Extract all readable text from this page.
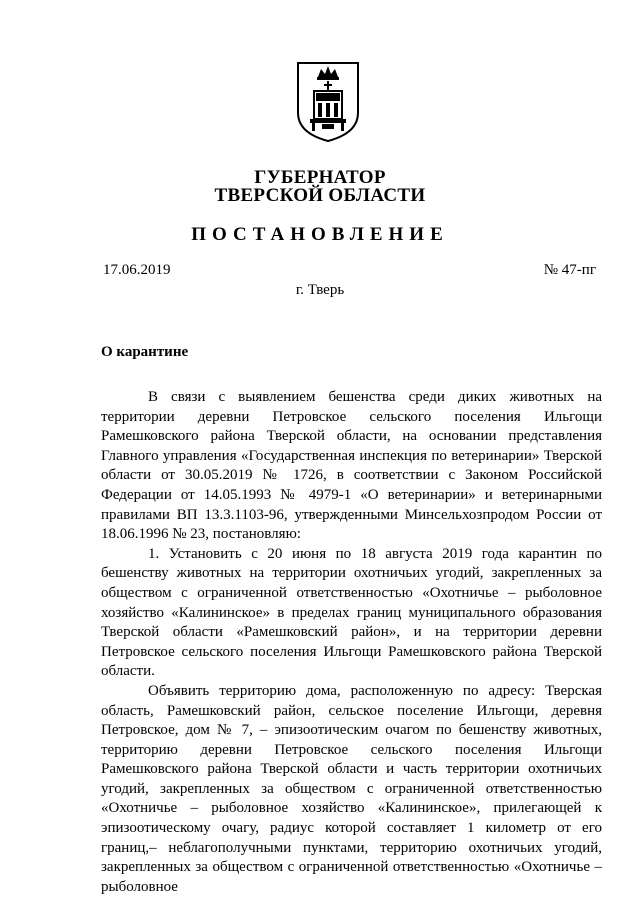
ГУБЕРНАТОР
ТВЕРСКОЙ ОБЛАСТИ
ПОСТАНОВЛЕНИЕ
17.06.2019	№ 47-пг
г. Тверь
О карантине

В связи с выявлением бешенства среди диких животных на территории деревни Петровское сельского поселения Ильгощи Рамешковского района Тверской области, на основании представления Главного управления «Государственная инспекция по ветеринарии» Тверской области от 30.05.2019 № 1726, в соответствии с Законом Российской Федерации от 14.05.1993 № 4979-1 «О ветеринарии» и ветеринарными правилами ВП 13.3.1103-96, утвержденными Минсельхозпродом России от 18.06.1996 № 23, постановляю:

1. Установить с 20 июня по 18 августа 2019 года карантин по бешенству животных на территории охотничьих угодий, закрепленных за обществом с ограниченной ответственностью «Охотничье – рыболовное хозяйство «Калининское» в пределах границ муниципального образования Тверской области «Рамешковский район», и на территории деревни Петровское сельского поселения Ильгощи Рамешковского района Тверской области.

Объявить территорию дома, расположенную по адресу: Тверская область, Рамешковский район, сельское поселение Ильгощи, деревня Петровское, дом № 7, – эпизоотическим очагом по бешенству животных, территорию деревни Петровское сельского поселения Ильгощи Рамешковского района Тверской области и часть территории охотничьих угодий, закрепленных за обществом с ограниченной ответственностью «Охотничье – рыболовное хозяйство «Калининское», прилегающей к эпизоотическому очагу, радиус которой составляет 1 километр от его границ,– неблагополучными пунктами, территорию охотничьих угодий, закрепленных за обществом с ограниченной ответственностью «Охотничье – рыболовное
